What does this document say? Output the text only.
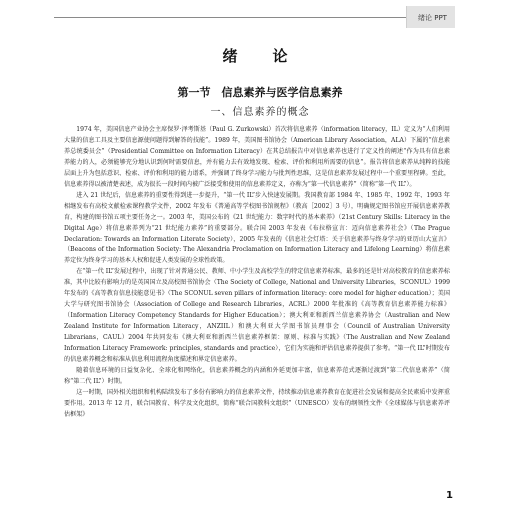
绪论 PPT
绪　论
第一节　信息素养与医学信息素养
一、信息素养的概念

1974 年，美国信息产业协会主席保罗·泽考斯基（Paul G. Zurkowski）首次将信息素养（information literacy，IL）定义为“人们利用大量的信息工具及主要信息源使问题得到解答的技能”。1989 年，美国图书馆协会（American Library Association，ALA）下属的“信息素养总统委员会”（Presidential Committee on Information Literacy）在其总结报告中对信息素养也进行了定义性的阐述“作为具有信息素养能力的人，必须能够充分地认识到何时需要信息，并有能力去有效地发现、检索、评价和利用所需要的信息”。报告将信息素养从纯粹的技能层面上升为包括意识、检索、评价和利用的能力谱系，并强调了终身学习能力与批判性思维，这是信息素养发展过程中一个重要里程碑。至此，信息素养得以被清楚表述，成为很长一段时间内被广泛接受和使用的信息素养定义，亦称为“第一代信息素养”（简称“第一代 IL”）。

进入 21 世纪后，信息素养的重要性得到进一步提升，“第一代 IL”步入快速发展期。我国教育部 1984 年、1985 年、1992 年、1993 年相继发布有高校文献检索课程教学文件，2002 年发布《普通高等学校图书馆规程》（教高［2002］3 号），明确规定图书馆应开展信息素养教育，构建的图书馆五项主要任务之一。2003 年，美国公布的《21 世纪能力：数字时代的基本素养》（21st Century Skills: Literacy in the Digital Age）将信息素养列为“21 世纪能力素养”的重要部分。联合国 2003 年发表《布拉格宣言：迈向信息素养社会》（The Prague Declaration: Towards an Information Literate Society），2005 年发表的《信息社会灯塔：关于信息素养与终身学习的亚历山大宣言》（Beacons of the Information Society: The Alexandria Proclamation on Information Literacy and Lifelong Learning）将信息素养定位为终身学习的基本人权和促进人类发展的全球性政策。

在“第一代 IL”发展过程中，出现了针对普通公民、教师、中小学生及高校学生的特定信息素养标准，最多的还是针对高校教育的信息素养标准，其中比较有影响力的是英国国立及高校图书馆协会（The Society of College, National and University Libraries，SCONUL）1999 年发布的《高等教育信息技能意见书》（The SCONUL seven pillars of information literacy: core model for higher education）；美国大学与研究图书馆协会（Association of College and Research Libraries，ACRL）2000 年批准的《高等教育信息素养能力标准》（Information Literacy Competency Standards for Higher Education）；澳大利亚和新西兰信息素养协会（Australian and New Zealand Institute for Information Literacy，ANZIIL）和澳大利亚大学图书馆员理事会（Council of Australian University Librarians，CAUL）2004 年共同发布《澳大利亚和新西兰信息素养框架：原则、标准与实践》（The Australian and New Zealand Information Literacy Framework: principles, standards and practice），它们为实施和评估信息素养提供了参考。“第一代 IL”时期发布的信息素养概念和标准从信息利用流程角度描述和界定信息素养。

随着信息环境的日益复杂化、全球化和网络化，信息素养概念的内涵和外延更加丰富，信息素养范式逐渐过渡到“第二代信息素养”（简称“第二代 IL”）时期。

这一时期，国外相关组织和机构陆续发布了多份有影响力的信息素养文件，持续推动信息素养教育在促进社会发展和提高全民素质中发挥重要作用。2013 年 12 月，联合国教育、科学及文化组织，简称“联合国教科文组织”（UNESCO）发布的纲领性文件《全球媒体与信息素养评估框架》

1
